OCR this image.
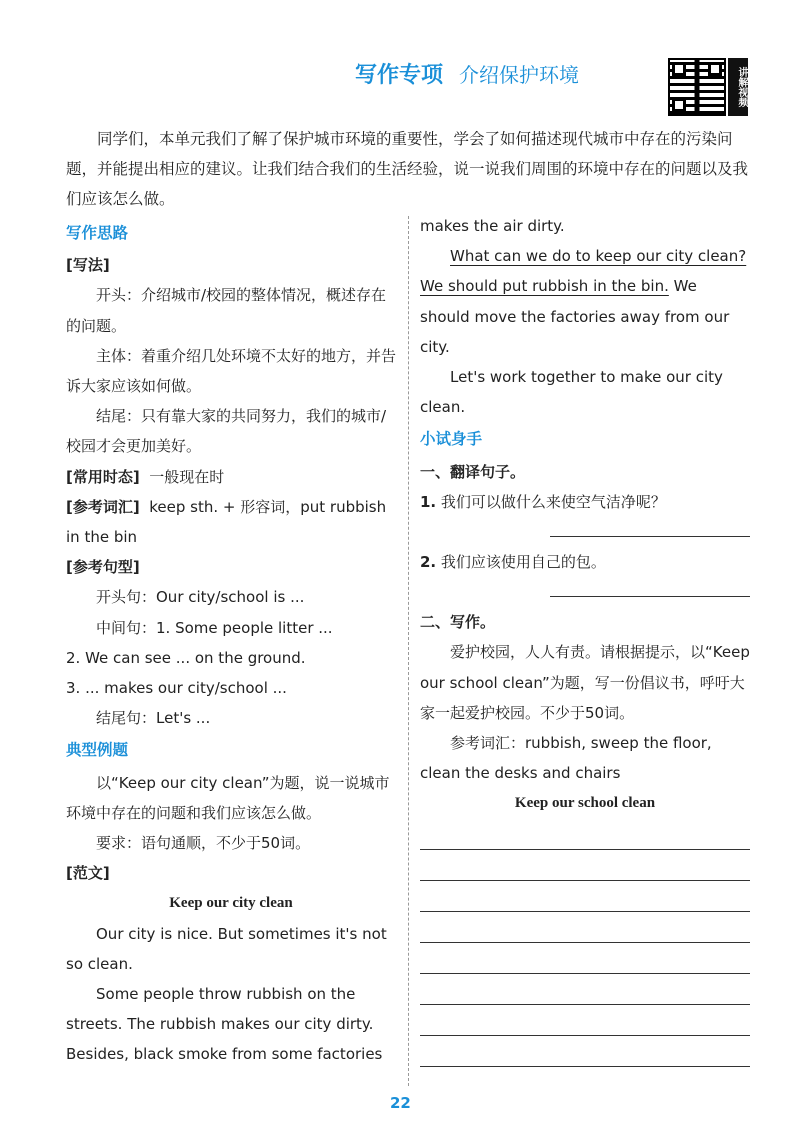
写作专项 介绍保护环境	讲解视频
同学们，本单元我们了解了保护城市环境的重要性，学会了如何描述现代城市中存在的污染问题，并能提出相应的建议。让我们结合我们的生活经验，说一说我们周围的环境中存在的问题以及我们应该怎么做。
写作思路

[写法]

开头：介绍城市/校园的整体情况，概述存在的问题。

主体：着重介绍几处环境不太好的地方，并告诉大家应该如何做。

结尾：只有靠大家的共同努力，我们的城市/校园才会更加美好。

[常用时态] 一般现在时

[参考词汇] keep sth. + 形容词，put rubbish in the bin

[参考句型]

开头句：Our city/school is ...

中间句：1. Some people litter ...

2. We can see ... on the ground.

3. ... makes our city/school ...

结尾句：Let's ...

典型例题

以“Keep our city clean”为题，说一说城市环境中存在的问题和我们应该怎么做。

要求：语句通顺，不少于50词。

[范文]

Keep our city clean

Our city is nice. But sometimes it's not so clean.

Some people throw rubbish on the streets. The rubbish makes our city dirty. Besides, black smoke from some factories

makes the air dirty.

What can we do to keep our city clean?

We should put rubbish in the bin. We should move the factories away from our city.

Let's work together to make our city clean.

小试身手

一、翻译句子。

1. 我们可以做什么来使空气洁净呢？

2. 我们应该使用自己的包。

二、写作。

爱护校园，人人有责。请根据提示，以“Keep our school clean”为题，写一份倡议书，呼吁大家一起爱护校园。不少于50词。

参考词汇：rubbish, sweep the floor, clean the desks and chairs

Keep our school clean

22
